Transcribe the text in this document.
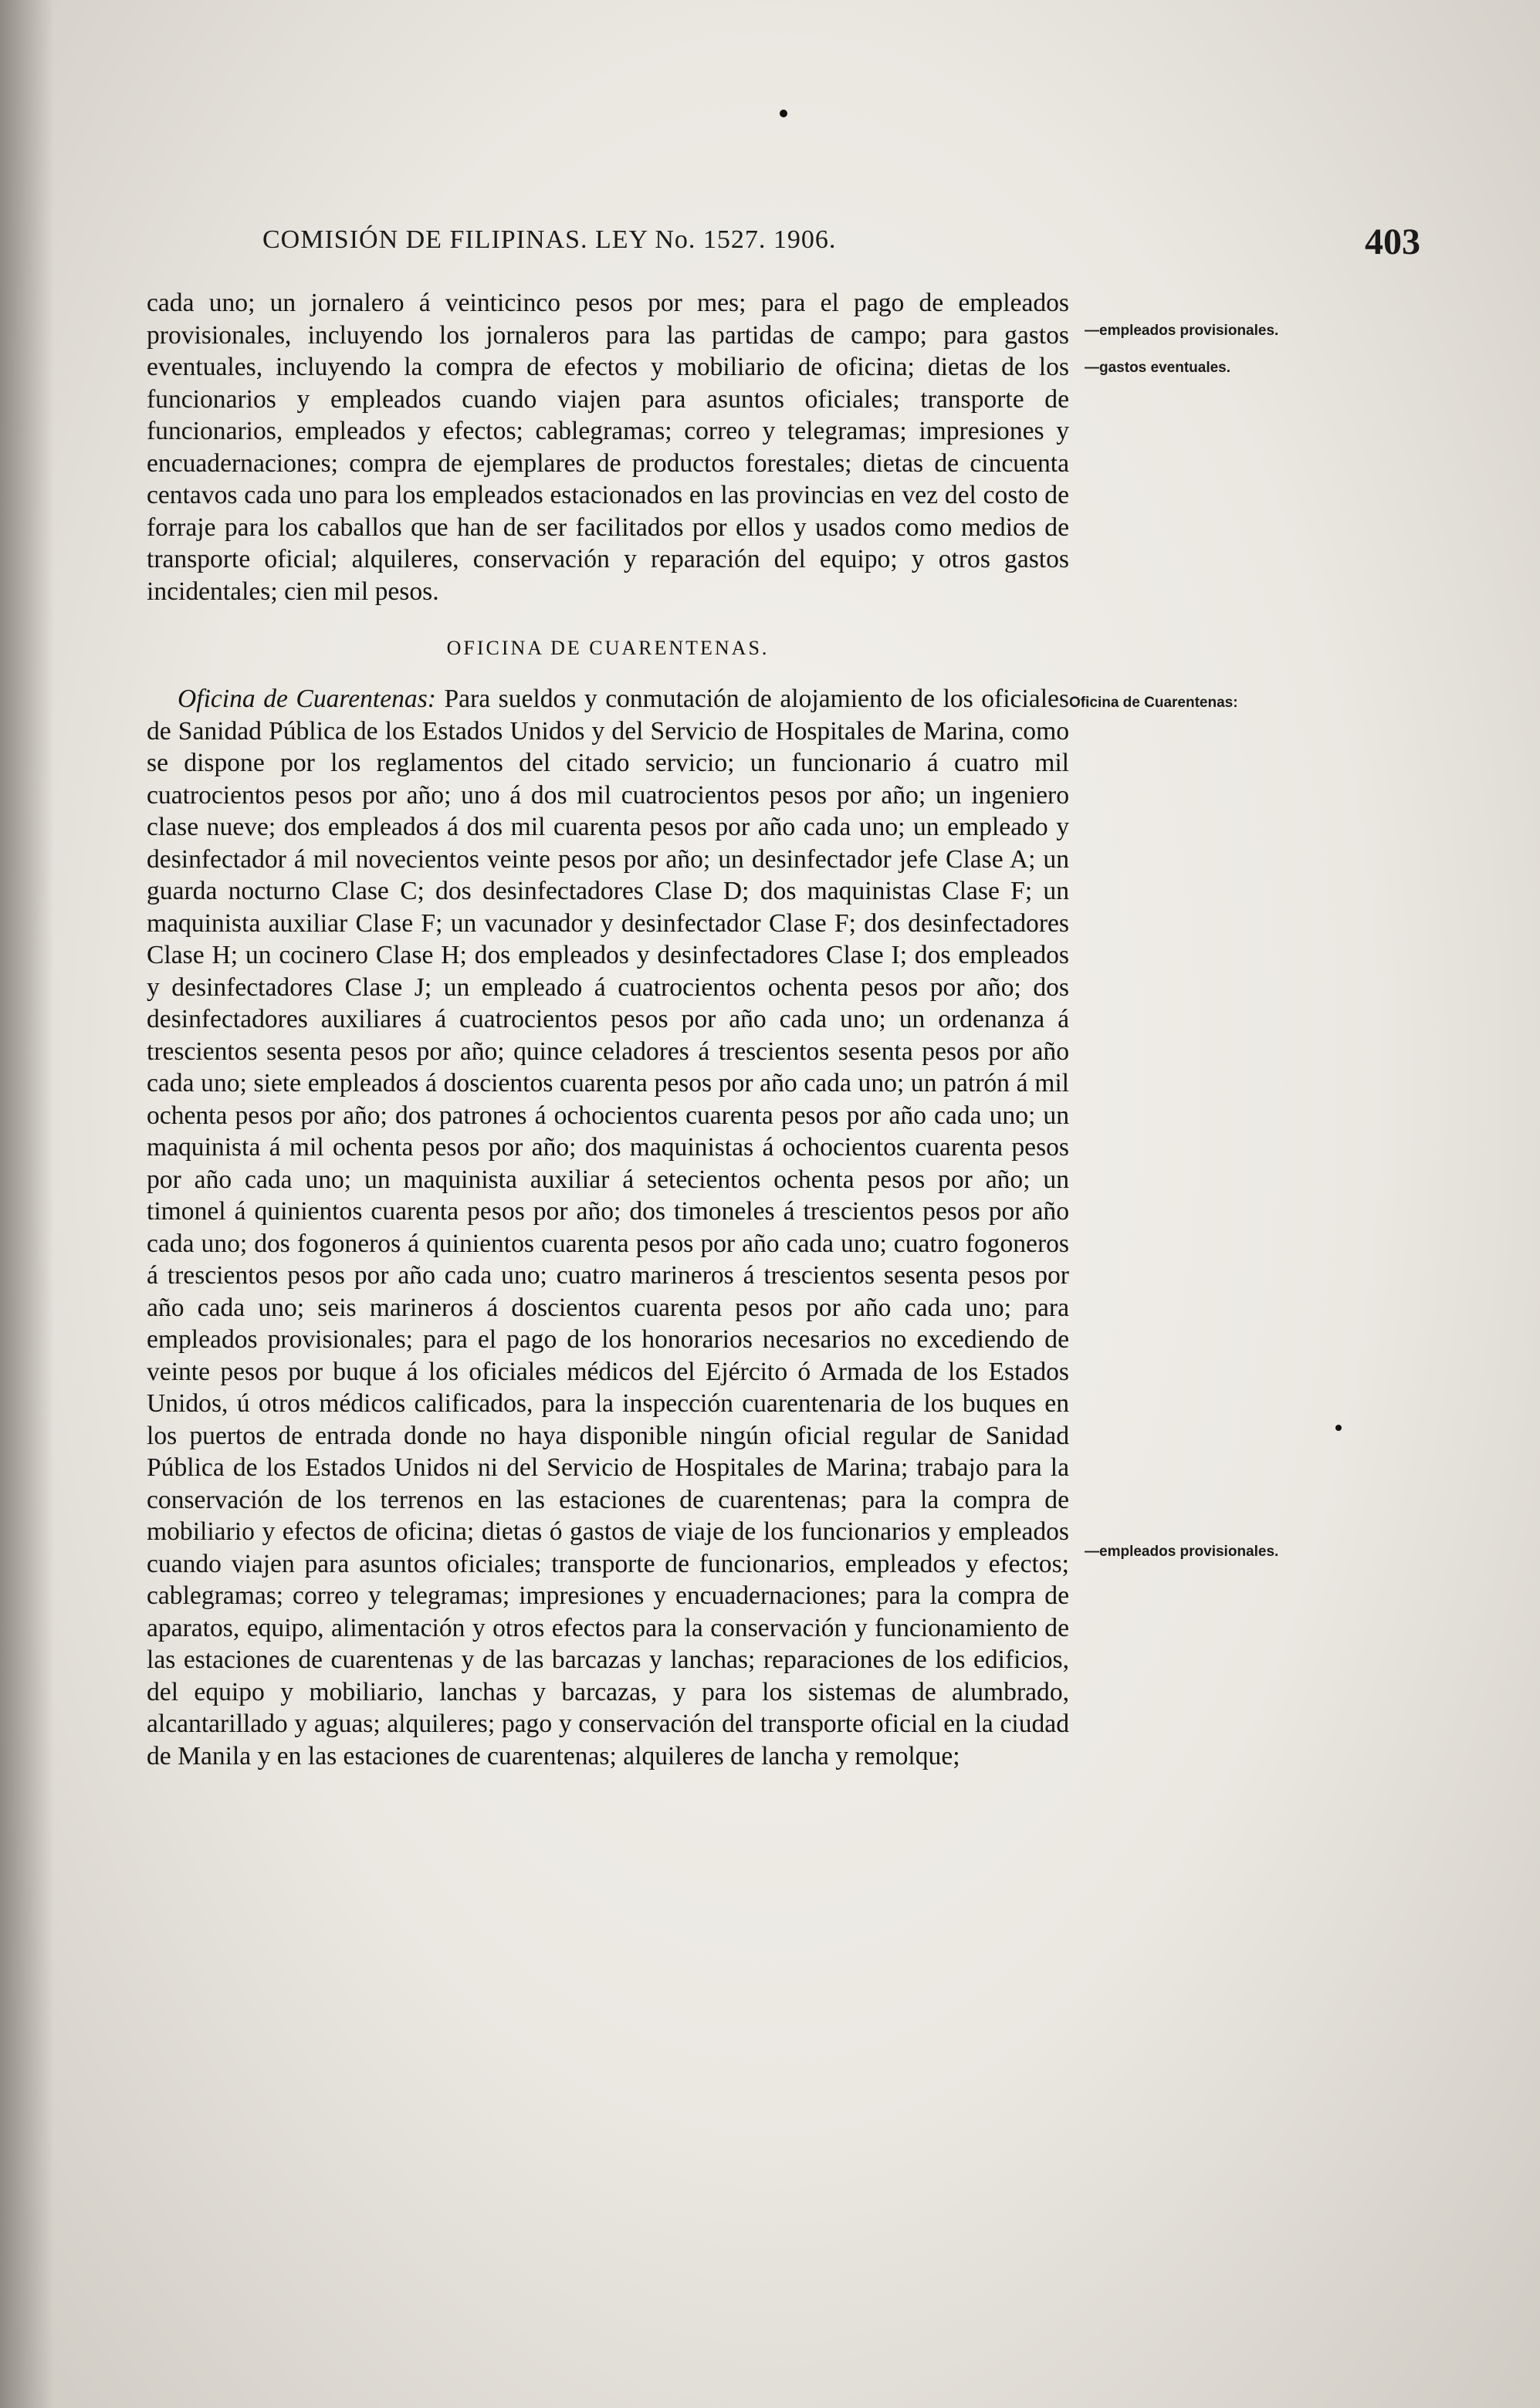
COMISIÓN DE FILIPINAS. LEY No. 1527. 1906.	403

cada uno; un jornalero á veinticinco pesos por mes; para el pago de empleados provisionales, incluyendo los jornaleros para las partidas de campo; para gastos eventuales, incluyendo la compra de efectos y mobiliario de oficina; dietas de los funcionarios y empleados cuando viajen para asuntos oficiales; transporte de funcionarios, empleados y efectos; cablegramas; correo y telegramas; impresiones y encuadernaciones; compra de ejemplares de productos forestales; dietas de cincuenta centavos cada uno para los empleados estacionados en las provincias en vez del costo de forraje para los caballos que han de ser facilitados por ellos y usados como medios de transporte oficial; alquileres, conservación y reparación del equipo; y otros gastos incidentales; cien mil pesos.

OFICINA DE CUARENTENAS.

Oficina de Cuarentenas: Para sueldos y conmutación de alojamiento de los oficiales de Sanidad Pública de los Estados Unidos y del Servicio de Hospitales de Marina, como se dispone por los reglamentos del citado servicio; un funcionario á cuatro mil cuatrocientos pesos por año; uno á dos mil cuatrocientos pesos por año; un ingeniero clase nueve; dos empleados á dos mil cuarenta pesos por año cada uno; un empleado y desinfectador á mil novecientos veinte pesos por año; un desinfectador jefe Clase A; un guarda nocturno Clase C; dos desinfectadores Clase D; dos maquinistas Clase F; un maquinista auxiliar Clase F; un vacunador y desinfectador Clase F; dos desinfectadores Clase H; un cocinero Clase H; dos empleados y desinfectadores Clase I; dos empleados y desinfectadores Clase J; un empleado á cuatrocientos ochenta pesos por año; dos desinfectadores auxiliares á cuatrocientos pesos por año cada uno; un ordenanza á trescientos sesenta pesos por año; quince celadores á trescientos sesenta pesos por año cada uno; siete empleados á doscientos cuarenta pesos por año cada uno; un patrón á mil ochenta pesos por año; dos patrones á ochocientos cuarenta pesos por año cada uno; un maquinista á mil ochenta pesos por año; dos maquinistas á ochocientos cuarenta pesos por año cada uno; un maquinista auxiliar á setecientos ochenta pesos por año; un timonel á quinientos cuarenta pesos por año; dos timoneles á trescientos pesos por año cada uno; dos fogoneros á quinientos cuarenta pesos por año cada uno; cuatro fogoneros á trescientos pesos por año cada uno; cuatro marineros á trescientos sesenta pesos por año cada uno; seis marineros á doscientos cuarenta pesos por año cada uno; para empleados provisionales; para el pago de los honorarios necesarios no excediendo de veinte pesos por buque á los oficiales médicos del Ejército ó Armada de los Estados Unidos, ú otros médicos calificados, para la inspección cuarentenaria de los buques en los puertos de entrada donde no haya disponible ningún oficial regular de Sanidad Pública de los Estados Unidos ni del Servicio de Hospitales de Marina; trabajo para la conservación de los terrenos en las estaciones de cuarentenas; para la compra de mobiliario y efectos de oficina; dietas ó gastos de viaje de los funcionarios y empleados cuando viajen para asuntos oficiales; transporte de funcionarios, empleados y efectos; cablegramas; correo y telegramas; impresiones y encuadernaciones; para la compra de aparatos, equipo, alimentación y otros efectos para la conservación y funcionamiento de las estaciones de cuarentenas y de las barcazas y lanchas; reparaciones de los edificios, del equipo y mobiliario, lanchas y barcazas, y para los sistemas de alumbrado, alcantarillado y aguas; alquileres; pago y conservación del transporte oficial en la ciudad de Manila y en las estaciones de cuarentenas; alquileres de lancha y remolque;

—empleados provisionales.
—gastos eventuales.
Oficina de Cuarentenas:
—empleados provisionales.
